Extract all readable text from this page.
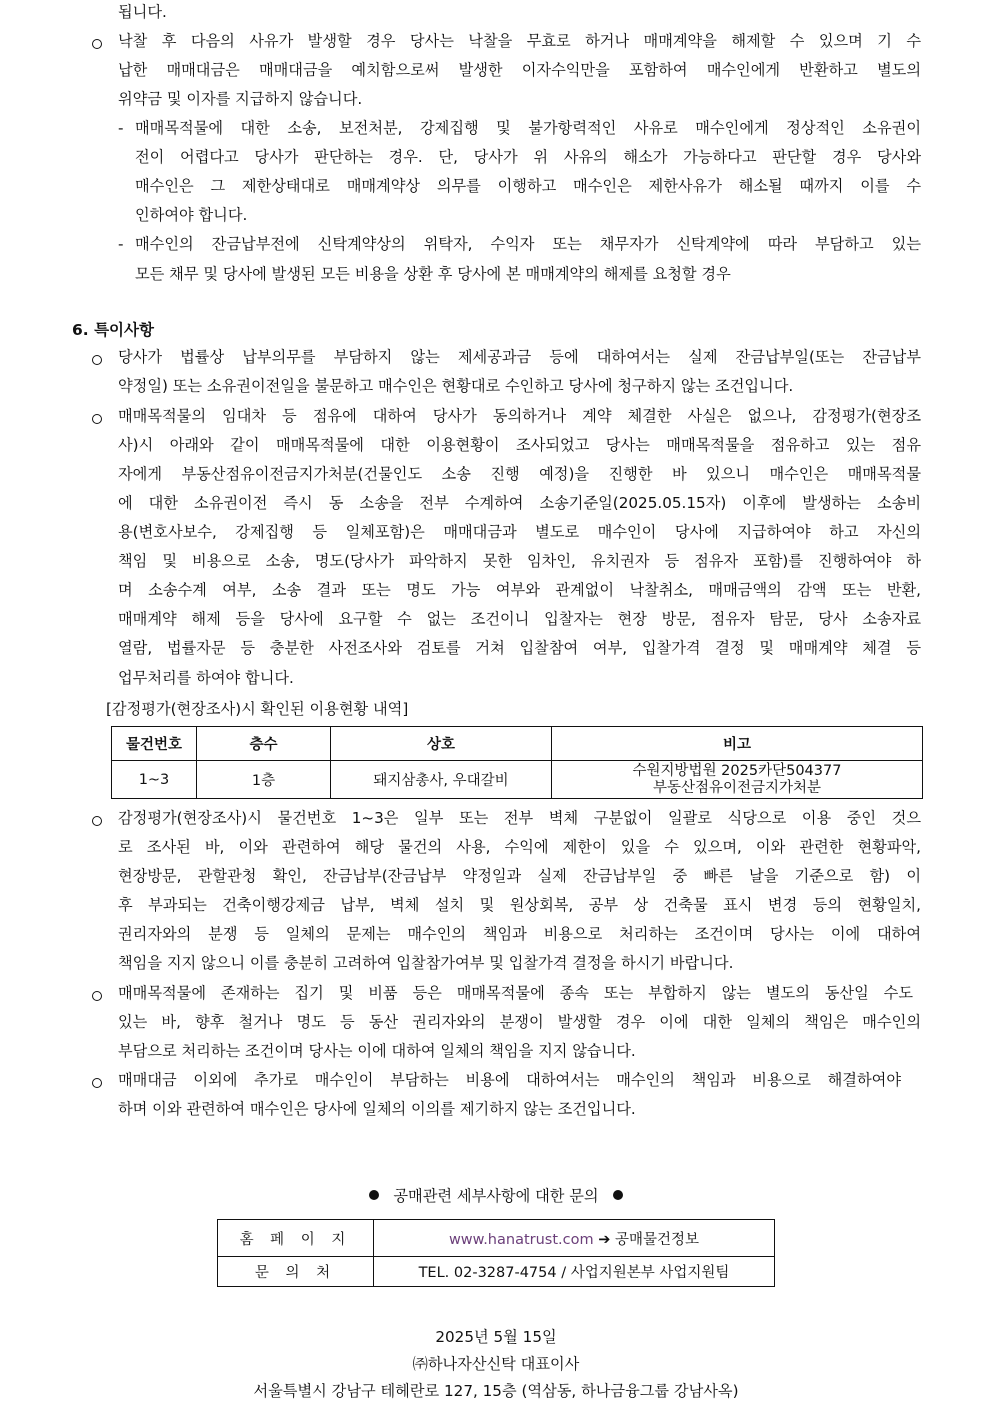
됩니다.
낙찰 후 다음의 사유가 발생할 경우 당사는 낙찰을 무효로 하거나 매매계약을 해제할 수 있으며 기 수
납한 매매대금은 매매대금을 예치함으로써 발생한 이자수익만을 포함하여 매수인에게 반환하고 별도의
위약금 및 이자를 지급하지 않습니다.
- 매매목적물에 대한 소송, 보전처분, 강제집행 및 불가항력적인 사유로 매수인에게 정상적인 소유권이
전이 어렵다고 당사가 판단하는 경우. 단, 당사가 위 사유의 해소가 가능하다고 판단할 경우 당사와
매수인은 그 제한상태대로 매매계약상 의무를 이행하고 매수인은 제한사유가 해소될 때까지 이를 수
인하여야 합니다.
- 매수인의 잔금납부전에 신탁계약상의 위탁자, 수익자 또는 채무자가 신탁계약에 따라 부담하고 있는
모든 채무 및 당사에 발생된 모든 비용을 상환 후 당사에 본 매매계약의 해제를 요청할 경우
6. 특이사항
당사가 법률상 납부의무를 부담하지 않는 제세공과금 등에 대하여서는 실제 잔금납부일(또는 잔금납부
약정일) 또는 소유권이전일을 불문하고 매수인은 현황대로 수인하고 당사에 청구하지 않는 조건입니다.
매매목적물의 임대차 등 점유에 대하여 당사가 동의하거나 계약 체결한 사실은 없으나, 감정평가(현장조
사)시 아래와 같이 매매목적물에 대한 이용현황이 조사되었고 당사는 매매목적물을 점유하고 있는 점유
자에게 부동산점유이전금지가처분(건물인도 소송 진행 예정)을 진행한 바 있으니 매수인은 매매목적물
에 대한 소유권이전 즉시 동 소송을 전부 수계하여 소송기준일(2025.05.15자) 이후에 발생하는 소송비
용(변호사보수, 강제집행 등 일체포함)은 매매대금과 별도로 매수인이 당사에 지급하여야 하고 자신의
책임 및 비용으로 소송, 명도(당사가 파악하지 못한 임차인, 유치권자 등 점유자 포함)를 진행하여야 하
며 소송수계 여부, 소송 결과 또는 명도 가능 여부와 관계없이 낙찰취소, 매매금액의 감액 또는 반환,
매매계약 해제 등을 당사에 요구할 수 없는 조건이니 입찰자는 현장 방문, 점유자 탐문, 당사 소송자료
열람, 법률자문 등 충분한 사전조사와 검토를 거쳐 입찰참여 여부, 입찰가격 결정 및 매매계약 체결 등
업무처리를 하여야 합니다.
[감정평가(현장조사)시 확인된 이용현황 내역]
물건번호	층수	상호	비고
1~3	1층	돼지삼총사, 우대갈비	수원지방법원 2025카단504377
부동산점유이전금지가처분
감정평가(현장조사)시 물건번호 1~3은 일부 또는 전부 벽체 구분없이 일괄로 식당으로 이용 중인 것으
로 조사된 바, 이와 관련하여 해당 물건의 사용, 수익에 제한이 있을 수 있으며, 이와 관련한 현황파악,
현장방문, 관할관청 확인, 잔금납부(잔금납부 약정일과 실제 잔금납부일 중 빠른 날을 기준으로 함) 이
후 부과되는 건축이행강제금 납부, 벽체 설치 및 원상회복, 공부 상 건축물 표시 변경 등의 현황일치,
권리자와의 분쟁 등 일체의 문제는 매수인의 책임과 비용으로 처리하는 조건이며 당사는 이에 대하여
책임을 지지 않으니 이를 충분히 고려하여 입찰참가여부 및 입찰가격 결정을 하시기 바랍니다.
매매목적물에 존재하는 집기 및 비품 등은 매매목적물에 종속 또는 부합하지 않는 별도의 동산일 수도
있는 바, 향후 철거나 명도 등 동산 권리자와의 분쟁이 발생할 경우 이에 대한 일체의 책임은 매수인의
부담으로 처리하는 조건이며 당사는 이에 대하여 일체의 책임을 지지 않습니다.
매매대금 이외에 추가로 매수인이 부담하는 비용에 대하여서는 매수인의 책임과 비용으로 해결하여야
하며 이와 관련하여 매수인은 당사에 일체의 이의를 제기하지 않는 조건입니다.
공매관련 세부사항에 대한 문의
홈 페 이 지	www.hanatrust.com ➔ 공매물건정보
문 의 처	TEL. 02-3287-4754 / 사업지원본부 사업지원팀
2025년 5월 15일
㈜하나자산신탁 대표이사
서울특별시 강남구 테헤란로 127, 15층 (역삼동, 하나금융그룹 강남사옥)
